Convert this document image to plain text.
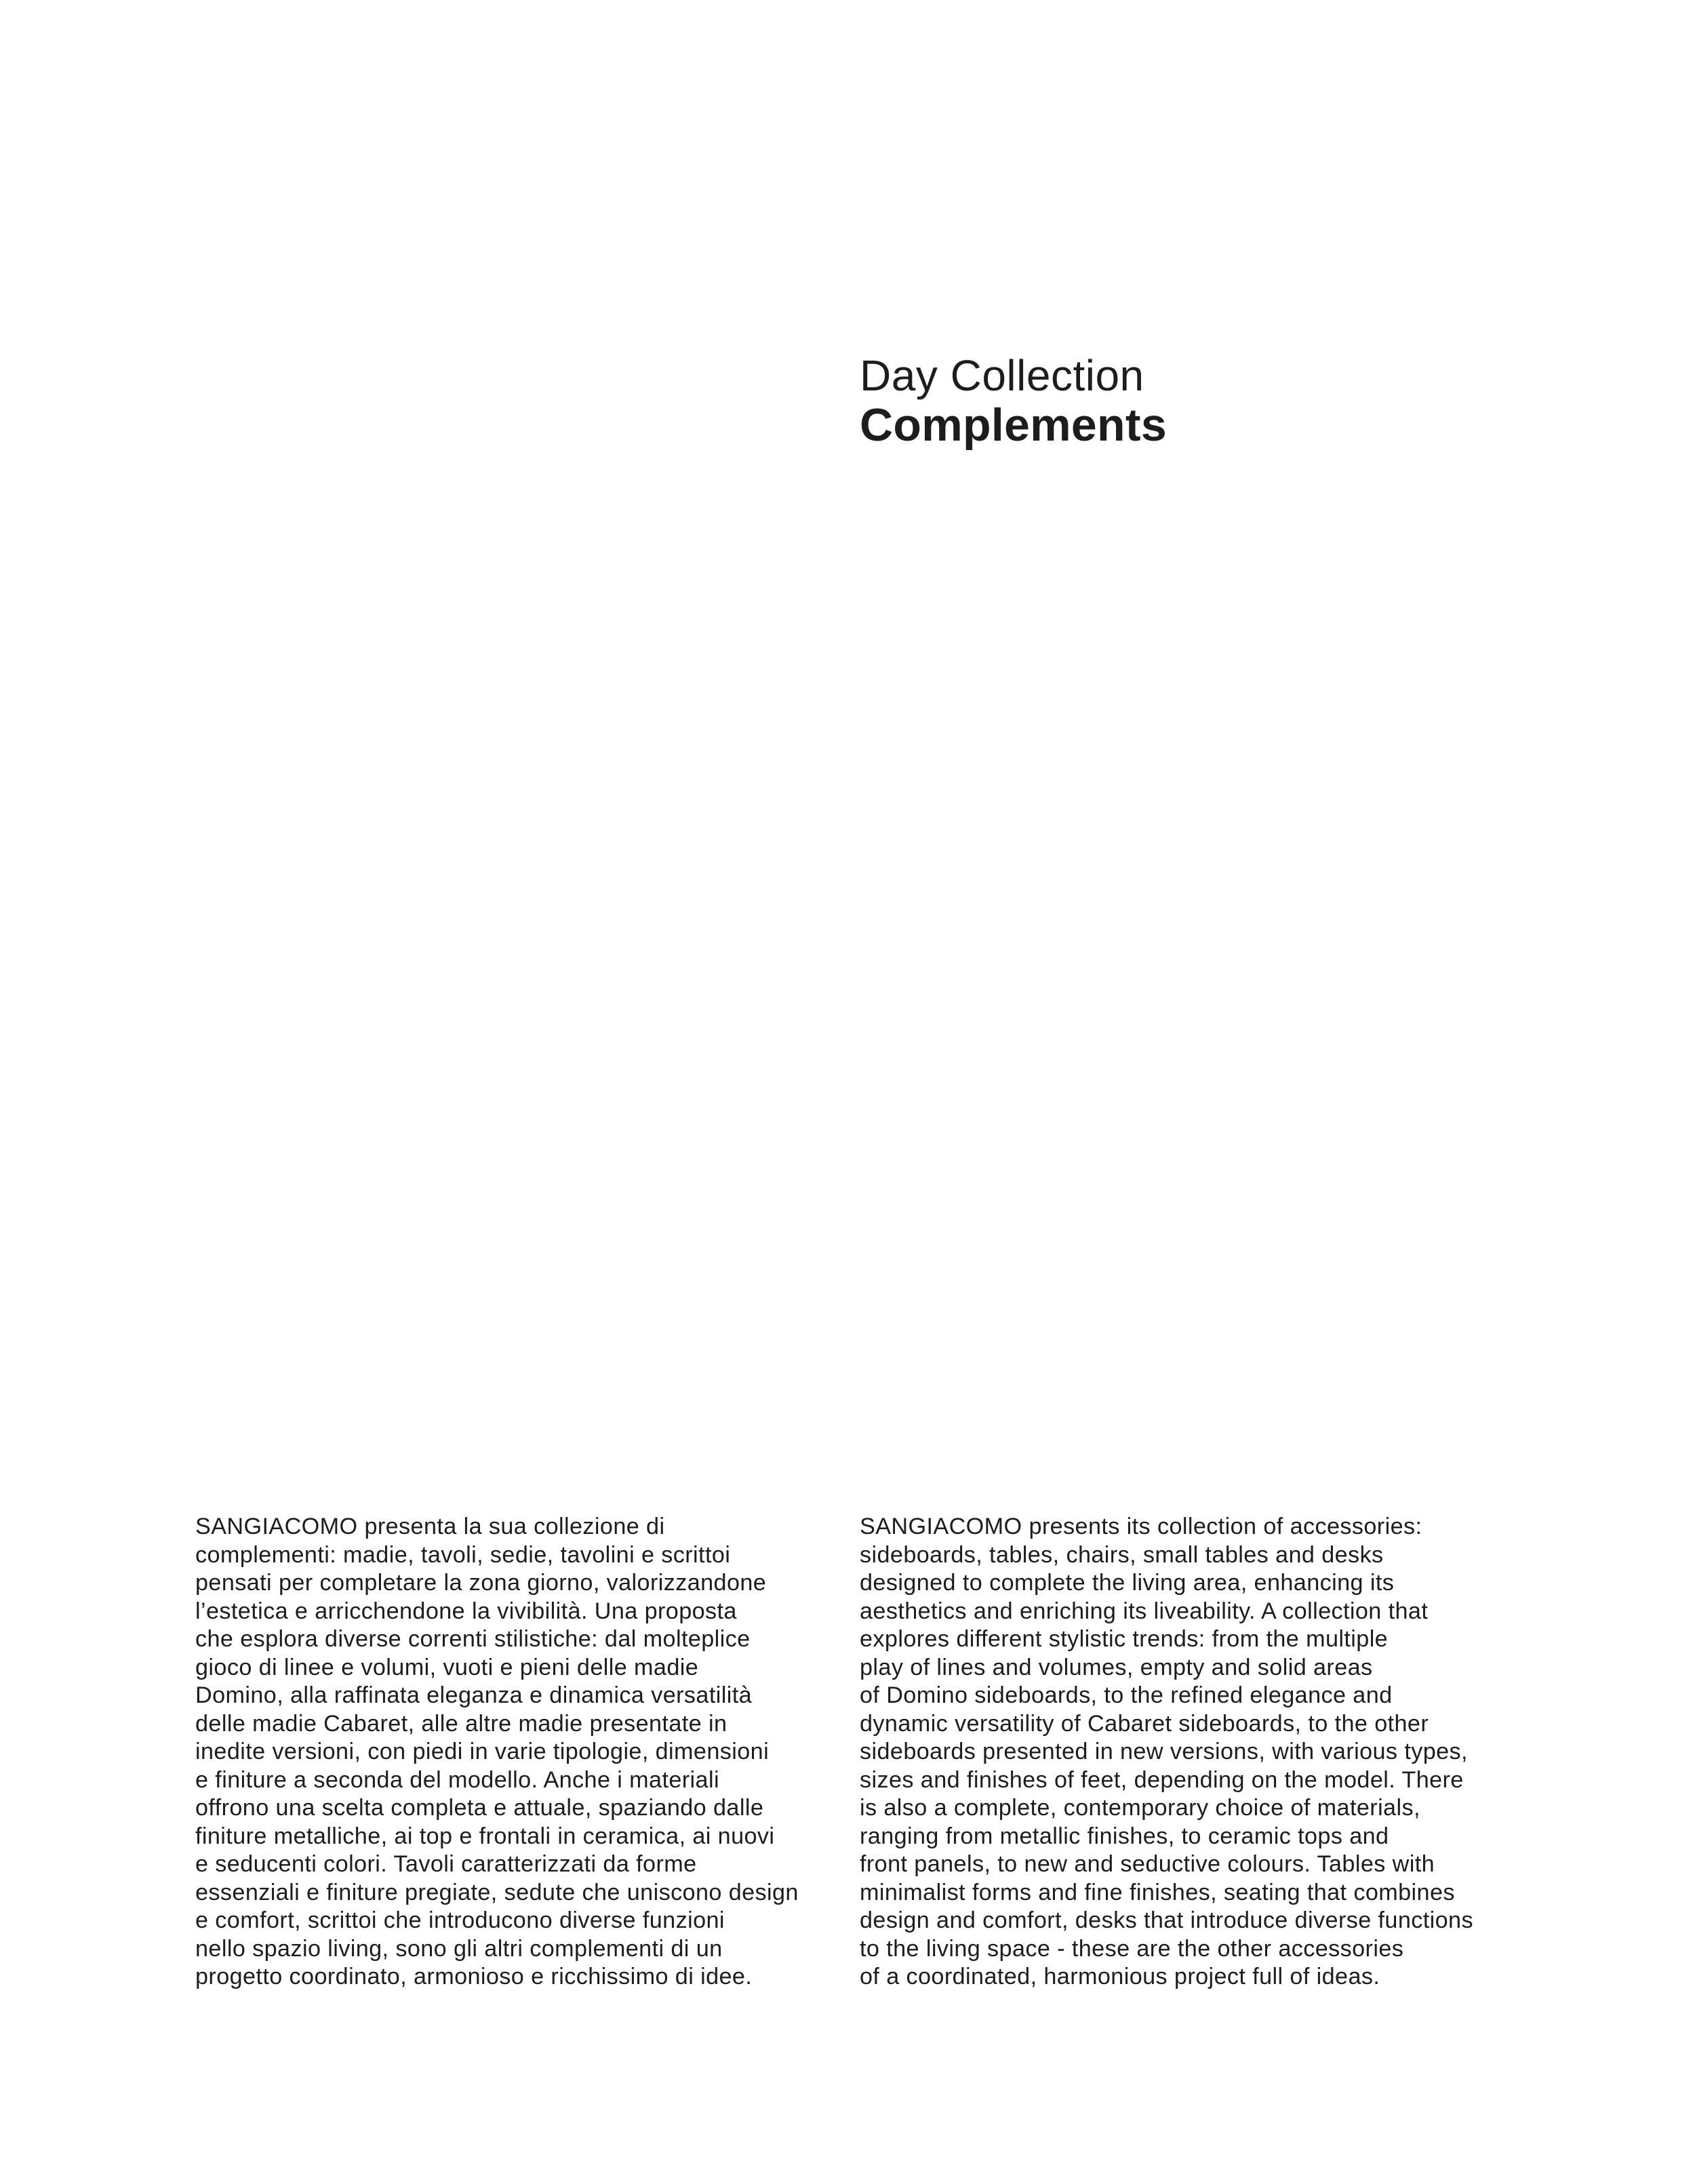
Day Collection
Complements

SANGIACOMO presenta la sua collezione di
complementi: madie, tavoli, sedie, tavolini e scrittoi
pensati per completare la zona giorno, valorizzandone
l’estetica e arricchendone la vivibilità. Una proposta
che esplora diverse correnti stilistiche: dal molteplice
gioco di linee e volumi, vuoti e pieni delle madie
Domino, alla raffinata eleganza e dinamica versatilità
delle madie Cabaret, alle altre madie presentate in
inedite versioni, con piedi in varie tipologie, dimensioni
e finiture a seconda del modello. Anche i materiali
offrono una scelta completa e attuale, spaziando dalle
finiture metalliche, ai top e frontali in ceramica, ai nuovi
e seducenti colori. Tavoli caratterizzati da forme
essenziali e finiture pregiate, sedute che uniscono design
e comfort, scrittoi che introducono diverse funzioni
nello spazio living, sono gli altri complementi di un
progetto coordinato, armonioso e ricchissimo di idee.

SANGIACOMO presents its collection of accessories:
sideboards, tables, chairs, small tables and desks
designed to complete the living area, enhancing its
aesthetics and enriching its liveability. A collection that
explores different stylistic trends: from the multiple
play of lines and volumes, empty and solid areas
of Domino sideboards, to the refined elegance and
dynamic versatility of Cabaret sideboards, to the other
sideboards presented in new versions, with various types,
sizes and finishes of feet, depending on the model. There
is also a complete, contemporary choice of materials,
ranging from metallic finishes, to ceramic tops and
front panels, to new and seductive colours. Tables with
minimalist forms and fine finishes, seating that combines
design and comfort, desks that introduce diverse functions
to the living space - these are the other accessories
of a coordinated, harmonious project full of ideas.
